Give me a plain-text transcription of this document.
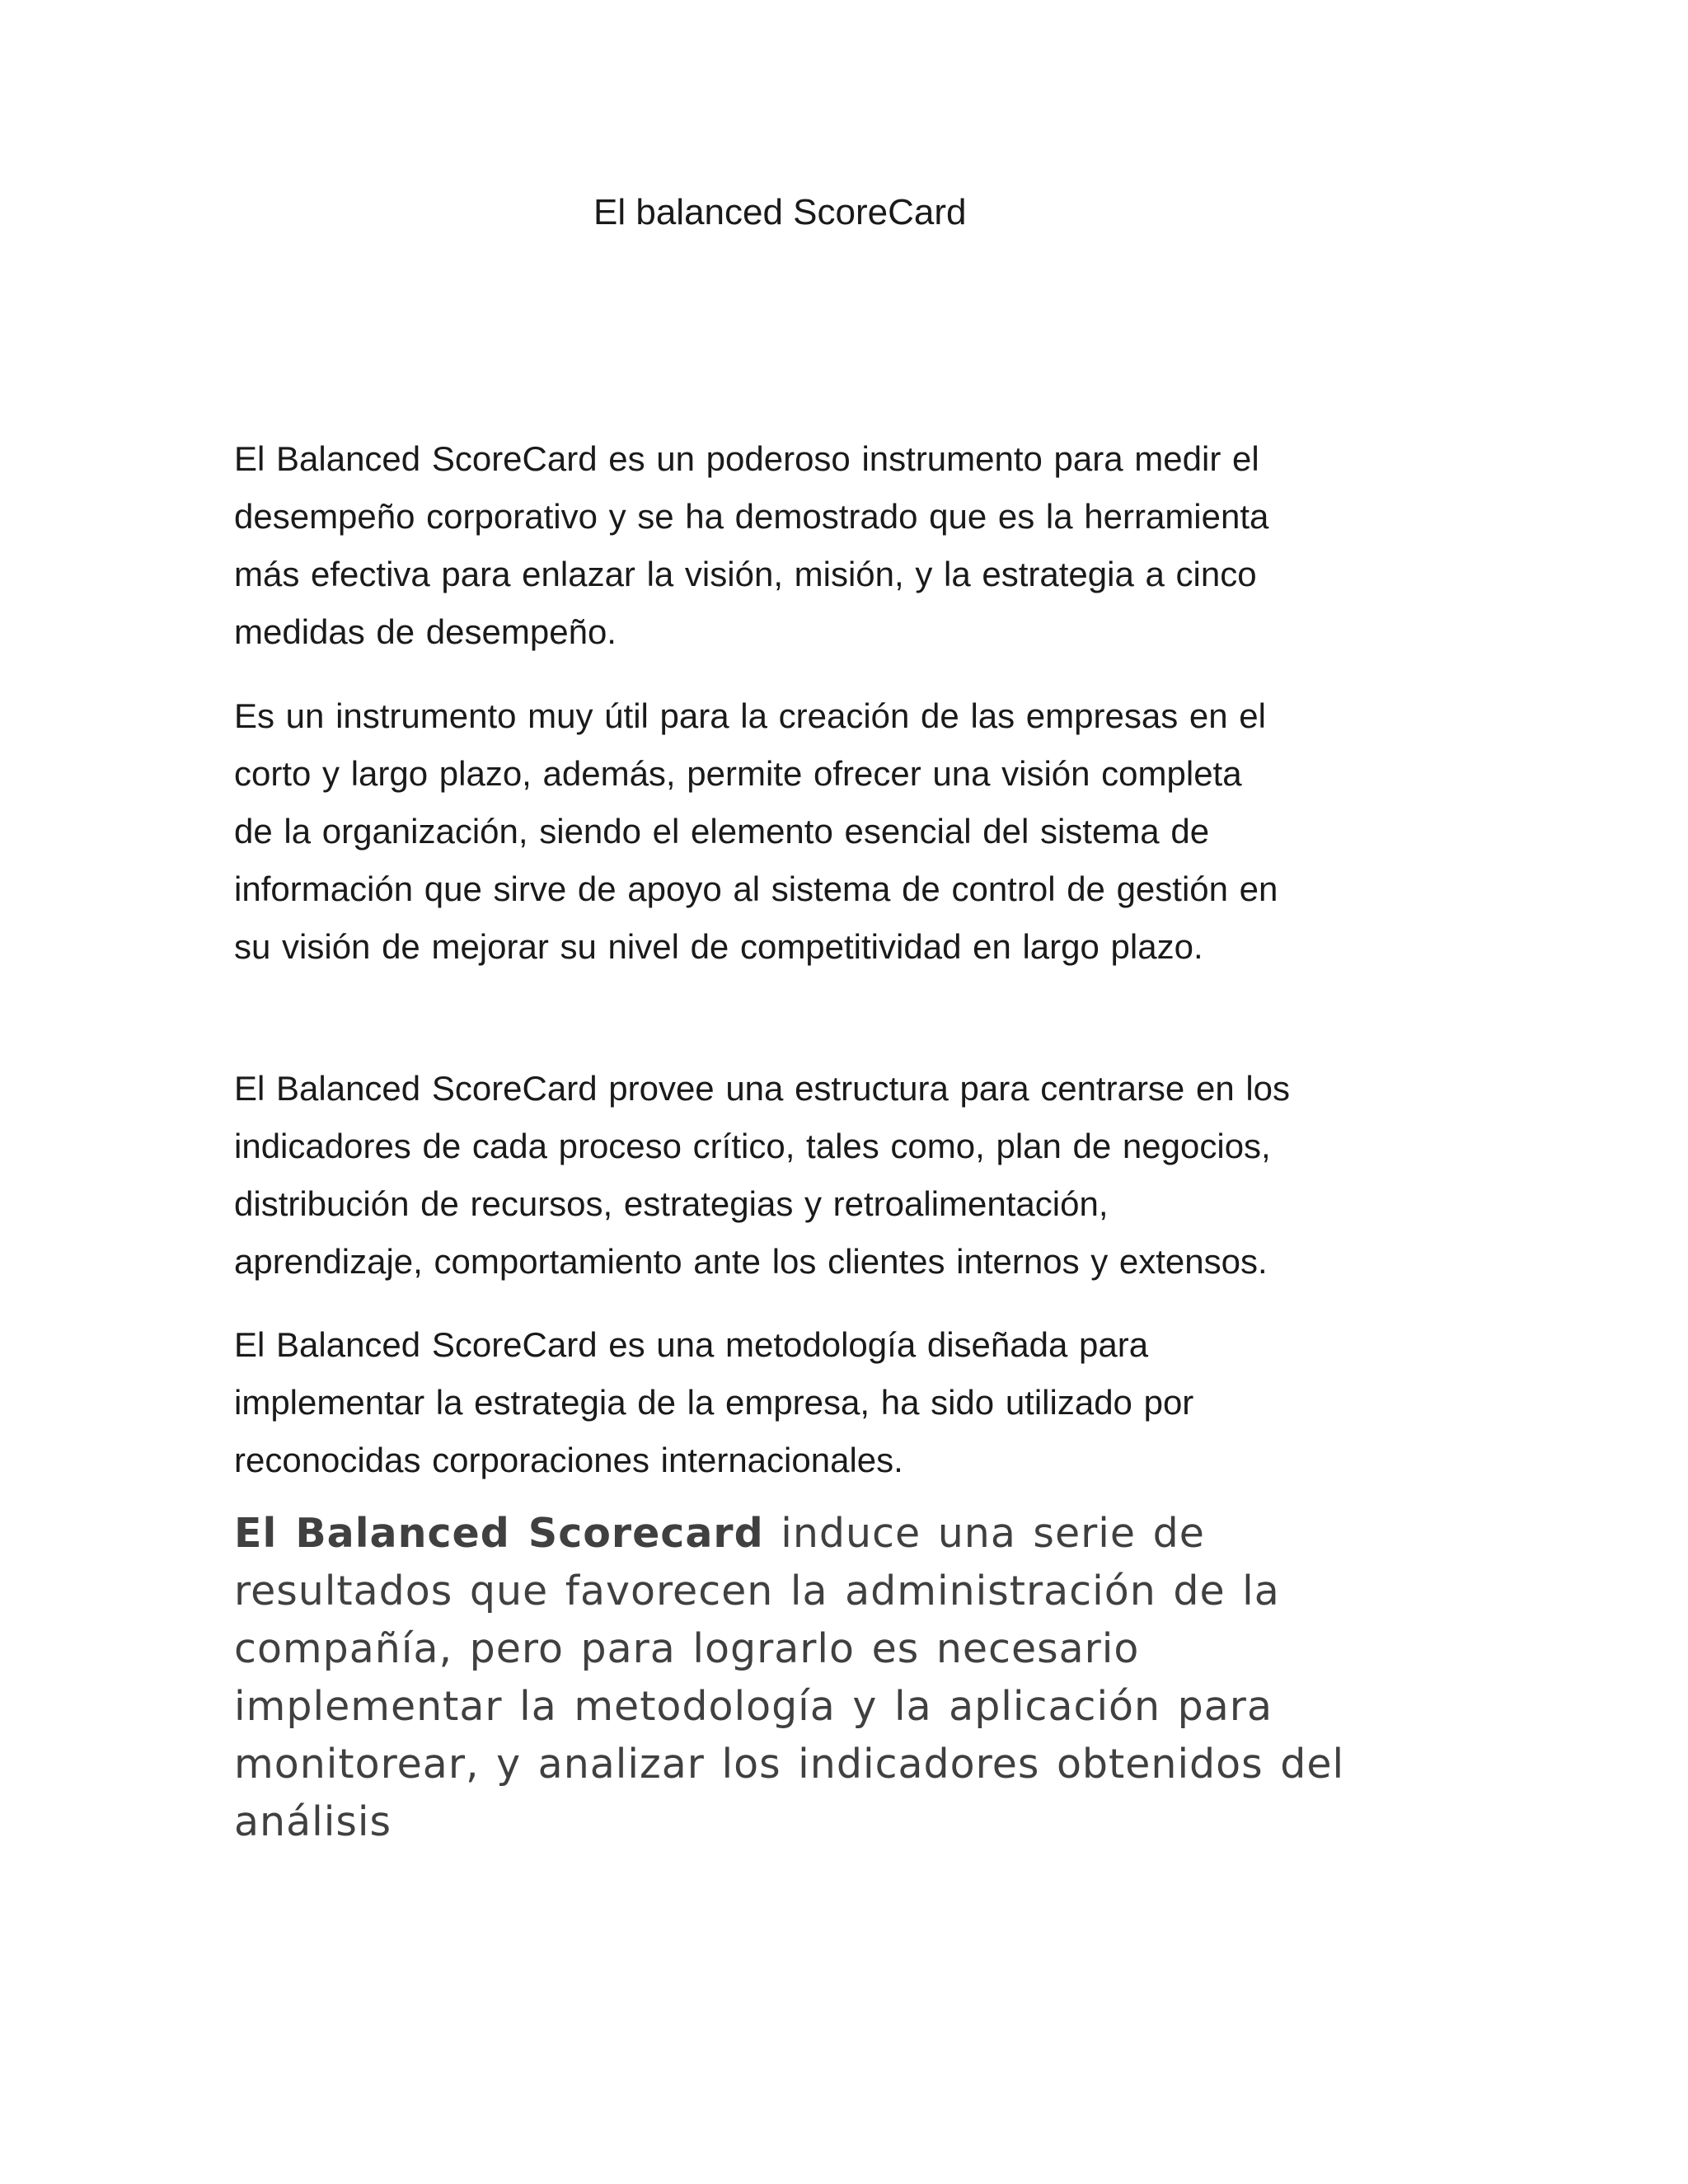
El balanced ScoreCard

El Balanced ScoreCard es un poderoso instrumento para medir el
desempeño corporativo y se ha demostrado que es la herramienta
más efectiva para enlazar la visión, misión, y la estrategia a cinco
medidas de desempeño.

Es un instrumento muy útil para la creación de las empresas en el
corto y largo plazo, además, permite ofrecer una visión completa
de la organización, siendo el elemento esencial del sistema de
información que sirve de apoyo al sistema de control de gestión en
su visión de mejorar su nivel de competitividad en largo plazo.

El Balanced ScoreCard provee una estructura para centrarse en los
indicadores de cada proceso crítico, tales como, plan de negocios,
distribución de recursos, estrategias y retroalimentación,
aprendizaje, comportamiento ante los clientes internos y extensos.

El Balanced ScoreCard es una metodología diseñada para
implementar la estrategia de la empresa, ha sido utilizado por
reconocidas corporaciones internacionales.

El Balanced Scorecard induce una serie de
resultados que favorecen la administración de la
compañía, pero para lograrlo es necesario
implementar la metodología y la aplicación para
monitorear, y analizar los indicadores obtenidos del
análisis
